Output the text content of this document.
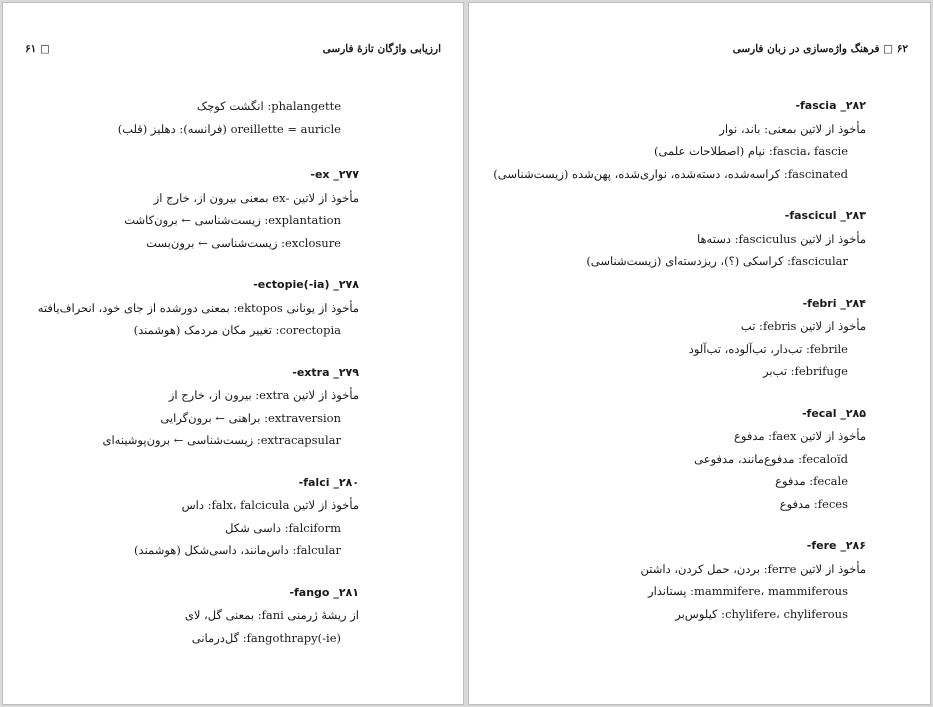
۶۱ □	ارزیابی واژگان تازۀ فارسی
phalangette: انگشت کوچک
oreillette = auricle (فرانسه): دهلیز (قلب)
۲۷۷_ ex-
مأخوذ از لاتین -ex بمعنی بیرون از، خارج از
explantation: زیست‌شناسی ← برون‌کاشت
exclosure: زیست‌شناسی ← برون‌بست
۲۷۸_ ectopie(-ia)-
مأخوذ از یونانی ektopos: بمعنی دورشده از جای خود، انحراف‌یافته
corectopia: تغییر مکان مردمک (هوشمند)
۲۷۹_ extra-
مأخوذ از لاتین extra: بیرون از، خارج از
extraversion: براهنی ← برون‌گرایی
extracapsular: زیست‌شناسی ← برون‌پوشینه‌ای
۲۸۰_ falci-
مأخوذ از لاتین falx، falcicula: داس
falciform: داسی شکل
falcular: داس‌مانند، داسی‌شکل (هوشمند)
۲۸۱_ fango-
از ریشۀ ژرمنی fani: بمعنی گل، لای
fangothrapy(-ie): گل‌درمانی
۶۲ □ فرهنگ واژه‌سازی در زبان فارسی
۲۸۲_ fascia-
مأخوذ از لاتین بمعنی: باند، نوار
fascia، fascie: نیام (اصطلاحات علمی)
fascinated: کراسه‌شده، دسته‌شده، نواری‌شده، پهن‌شده (زیست‌شناسی)
۲۸۳_ fascicul-
مأخوذ از لاتین fasciculus: دسته‌ها
fascicular: کراسکی (؟)، ریزدسته‌ای (زیست‌شناسی)
۲۸۴_ febri-
مأخوذ از لاتین febris: تب
febrile: تب‌دار، تب‌آلوده، تب‌آلود
febrifuge: تب‌بر
۲۸۵_ fecal-
مأخوذ از لاتین faex: مدفوع
fecaloïd: مدفوع‌مانند، مدفوعی
fecale: مدفوع
feces: مدفوع
۲۸۶_ fere-
مأخوذ از لاتین ferre: بردن، حمل کردن، داشتن
mammifere، mammiferous: پستاندار
chylifere، chyliferous: کیلوس‌بر
